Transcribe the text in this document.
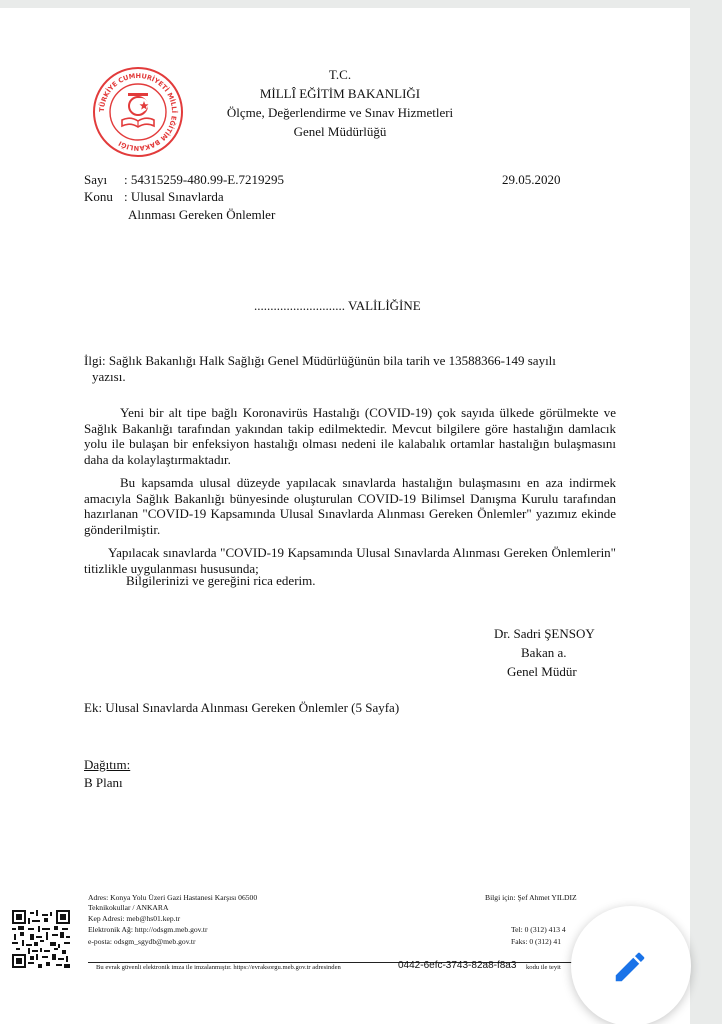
TÜRKİYE CUMHURİYETİ MİLLÎ EĞİTİM BAKANLIĞI
T.C.
MİLLÎ EĞİTİM BAKANLIĞI
Ölçme, Değerlendirme ve Sınav Hizmetleri
Genel Müdürlüğü
Sayı : 54315259-480.99-E.7219295	29.05.2020
Konu : Ulusal Sınavlarda
Alınması Gereken Önlemler
............................ VALİLİĞİNE
İlgi: Sağlık Bakanlığı Halk Sağlığı Genel Müdürlüğünün bila tarih ve 13588366-149 sayılı
yazısı.
Yeni bir alt tipe bağlı Koronavirüs Hastalığı (COVID-19) çok sayıda ülkede görülmekte ve Sağlık Bakanlığı tarafından yakından takip edilmektedir. Mevcut bilgilere göre hastalığın damlacık yolu ile bulaşan bir enfeksiyon hastalığı olması nedeni ile kalabalık ortamlar hastalığın bulaşmasını daha da kolaylaştırmaktadır.
Bu kapsamda ulusal düzeyde yapılacak sınavlarda hastalığın bulaşmasını en aza indirmek amacıyla Sağlık Bakanlığı bünyesinde oluşturulan COVID-19 Bilimsel Danışma Kurulu tarafından hazırlanan "COVID-19 Kapsamında Ulusal Sınavlarda Alınması Gereken Önlemler" yazımız ekinde gönderilmiştir.
Yapılacak sınavlarda "COVID-19 Kapsamında Ulusal Sınavlarda Alınması Gereken Önlemlerin" titizlikle uygulanması hususunda;
Bilgilerinizi ve gereğini rica ederim.
Dr. Sadri ŞENSOY
Bakan a.
Genel Müdür
Ek: Ulusal Sınavlarda Alınması Gereken Önlemler (5 Sayfa)
Dağıtım:
B Planı
Adres: Konya Yolu Üzeri Gazi Hastanesi Karşısı 06500
Teknikokullar / ANKARA
Kep Adresi: meb@hs01.kep.tr
Elektronik Ağ: http://odsgm.meb.gov.tr
e-posta: odsgm_sgydb@meb.gov.tr
Bilgi için: Şef Ahmet YILDIZ
Tel: 0 (312) 413 4
Faks: 0 (312) 41
Bu evrak güvenli elektronik imza ile imzalanmıştır. https://evraksorgu.meb.gov.tr adresinden	0442-6efc-3743-82a8-f8a3 kodu ile teyit
